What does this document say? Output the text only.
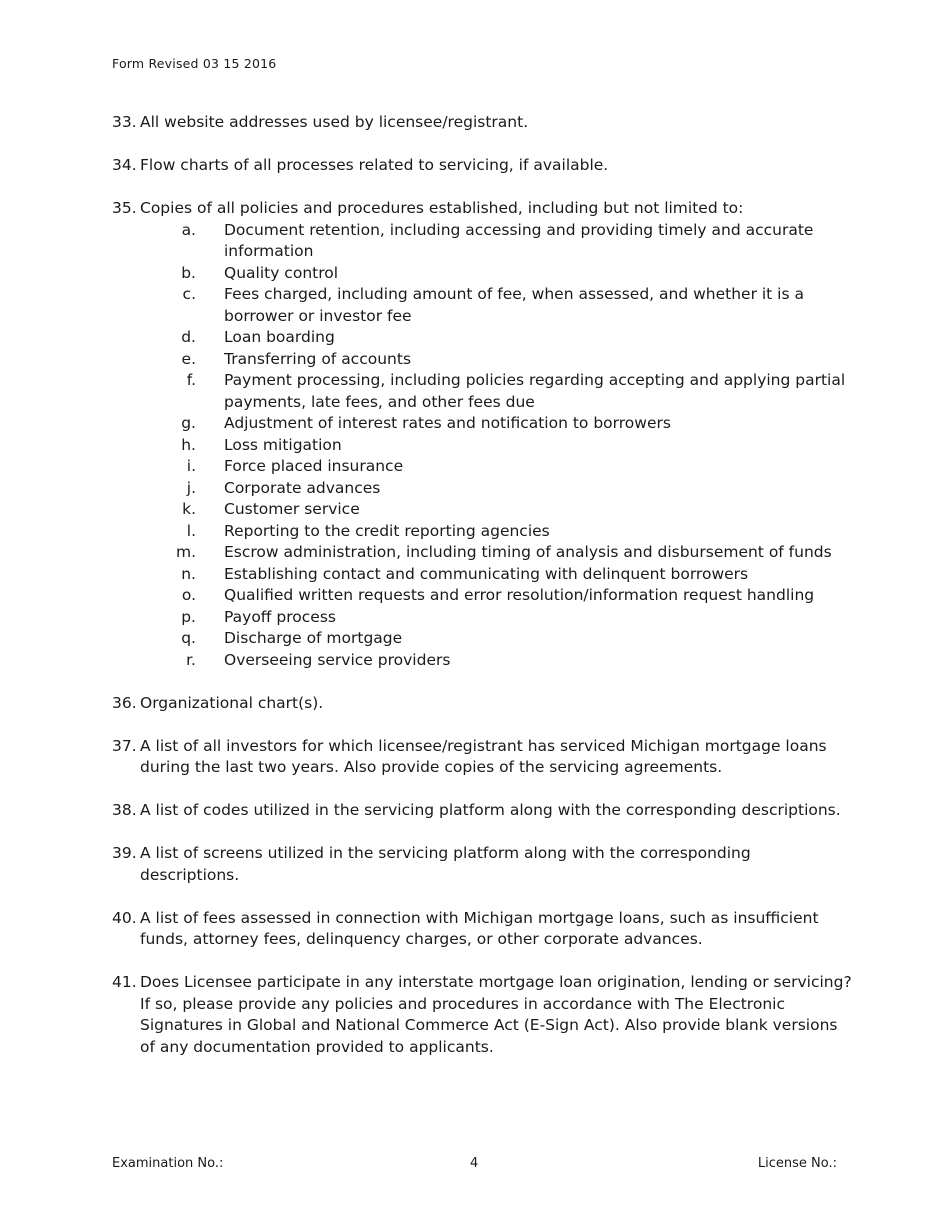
Form Revised 03 15 2016
33. All website addresses used by licensee/registrant.
34. Flow charts of all processes related to servicing, if available.
35. Copies of all policies and procedures established, including but not limited to:
a.	Document retention, including accessing and providing timely and accurate information
b.	Quality control
c.	Fees charged, including amount of fee, when assessed, and whether it is a borrower or investor fee
d.	Loan boarding
e.	Transferring of accounts
f.	Payment processing, including policies regarding accepting and applying partial payments, late fees, and other fees due
g.	Adjustment of interest rates and notification to borrowers
h.	Loss mitigation
i.	Force placed insurance
j.	Corporate advances
k.	Customer service
l.	Reporting to the credit reporting agencies
m.	Escrow administration, including timing of analysis and disbursement of funds
n.	Establishing contact and communicating with delinquent borrowers
o.	Qualified written requests and error resolution/information request handling
p.	Payoff process
q.	Discharge of mortgage
r.	Overseeing service providers
36. Organizational chart(s).
37. A list of all investors for which licensee/registrant has serviced Michigan mortgage loans during the last two years. Also provide copies of the servicing agreements.
38. A list of codes utilized in the servicing platform along with the corresponding descriptions.
39. A list of screens utilized in the servicing platform along with the corresponding descriptions.
40. A list of fees assessed in connection with Michigan mortgage loans, such as insufficient funds, attorney fees, delinquency charges, or other corporate advances.
41. Does Licensee participate in any interstate mortgage loan origination, lending or servicing? If so, please provide any policies and procedures in accordance with The Electronic Signatures in Global and National Commerce Act (E-Sign Act). Also provide blank versions of any documentation provided to applicants.
Examination No.:	4	License No.:
